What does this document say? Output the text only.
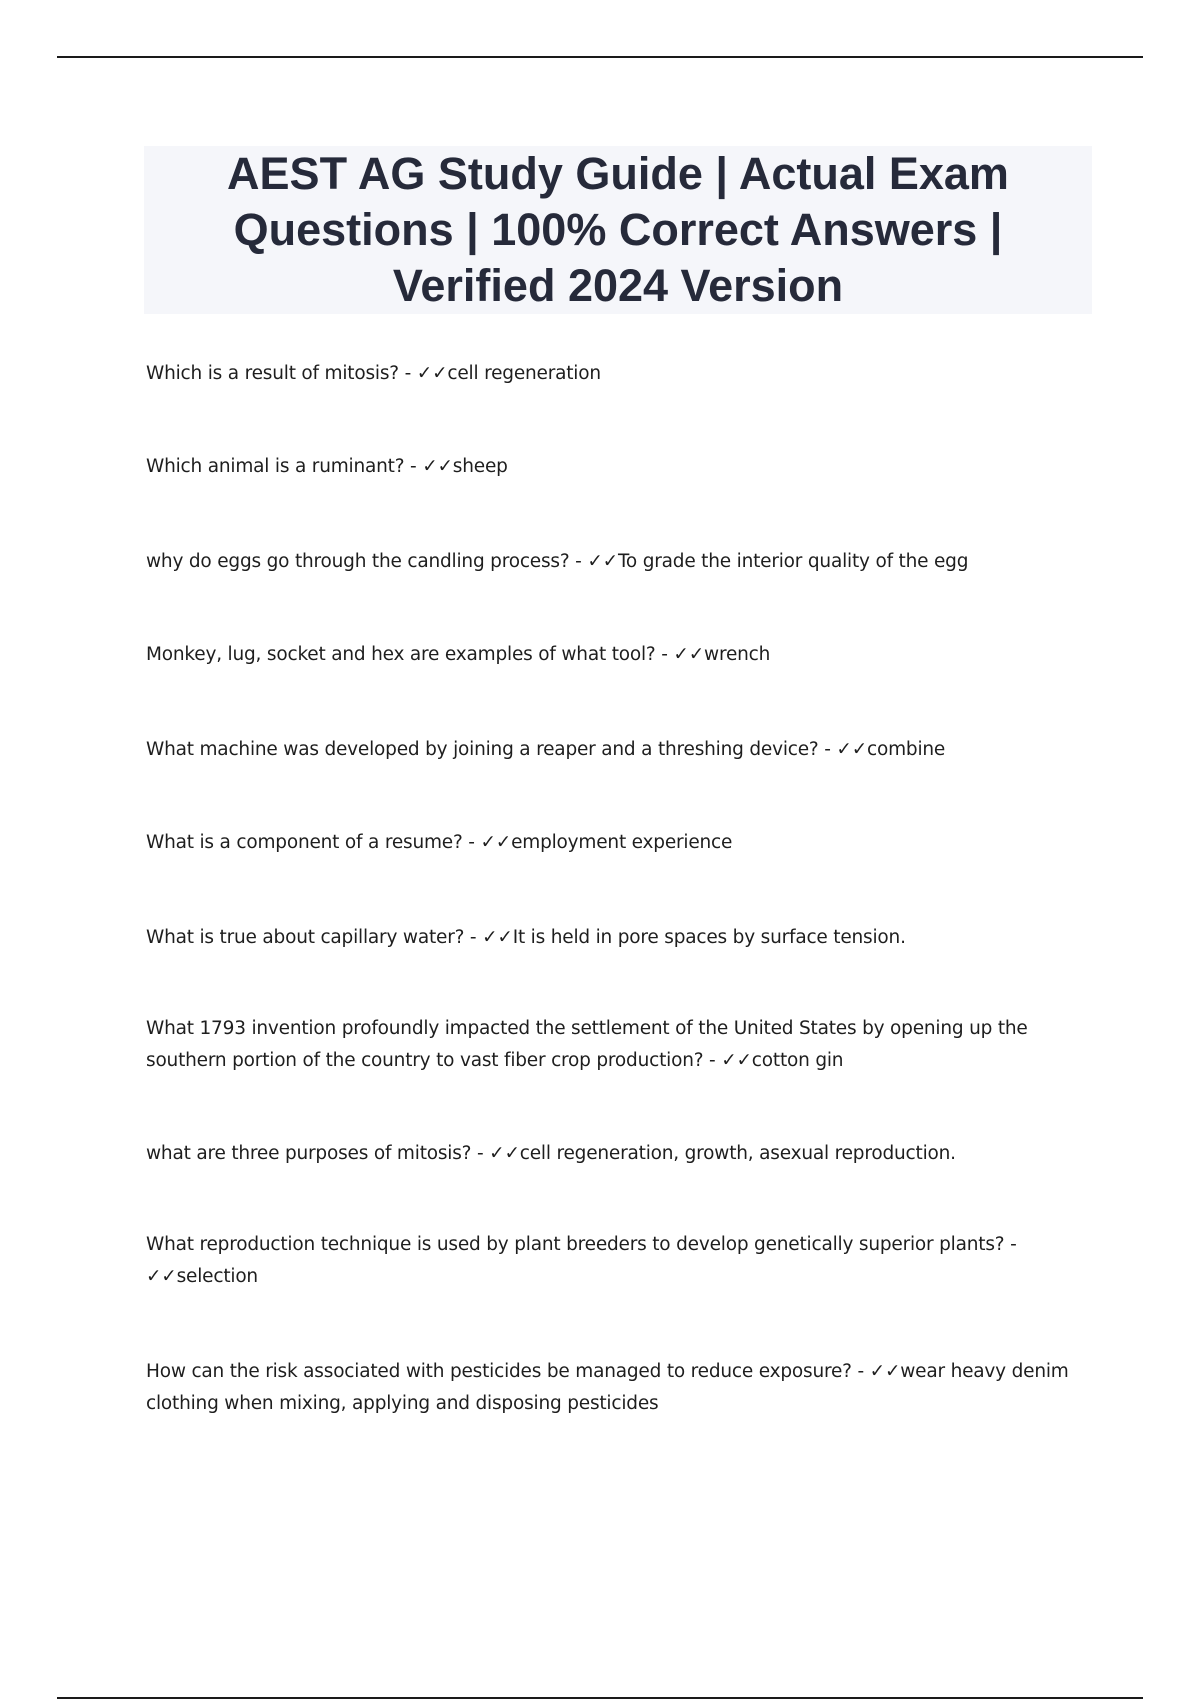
AEST AG Study Guide | Actual Exam
Questions | 100% Correct Answers |
Verified 2024 Version
Which is a result of mitosis? - ✓✓cell regeneration
Which animal is a ruminant? - ✓✓sheep
why do eggs go through the candling process? - ✓✓To grade the interior quality of the egg
Monkey, lug, socket and hex are examples of what tool? - ✓✓wrench
What machine was developed by joining a reaper and a threshing device? - ✓✓combine
What is a component of a resume? - ✓✓employment experience
What is true about capillary water? - ✓✓It is held in pore spaces by surface tension.
What 1793 invention profoundly impacted the settlement of the United States by opening up the southern portion of the country to vast fiber crop production? - ✓✓cotton gin
what are three purposes of mitosis? - ✓✓cell regeneration, growth, asexual reproduction.
What reproduction technique is used by plant breeders to develop genetically superior plants? - ✓✓selection
How can the risk associated with pesticides be managed to reduce exposure? - ✓✓wear heavy denim clothing when mixing, applying and disposing pesticides
